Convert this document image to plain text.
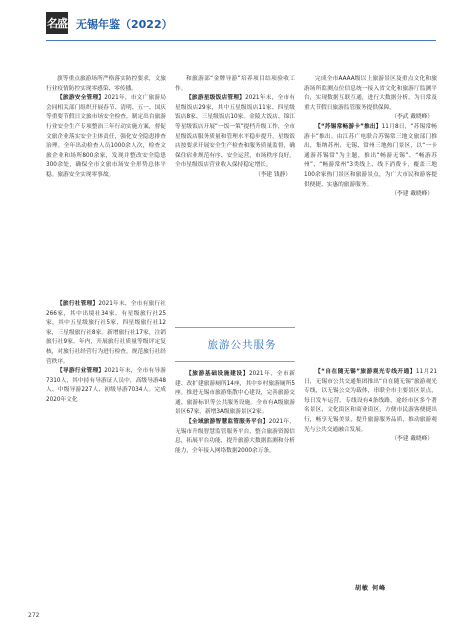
名盛 无锡年鉴（2022）

旗等重点旅游场所严格落实防控要求，文旅行业疫情防控实现零感染、零传播。

【旅游安全管理】2021年，市文广旅游局会同相关部门组织开展春节、清明、五一、国庆等重要节假日文旅市场安全检查，制定出台旅游行业安全生产专项整治三年行动实施方案，督促文旅企业落实安全主体责任，强化安全隐患排查治理。全年出动检查人员1000余人次，检查文旅企业和场所800余家，发现并整改安全隐患300余处，确保全市文旅市场安全形势总体平稳。旅游安全实现零事故。

【旅行社管理】2021年末，全市有旅行社266家，其中出境社34家。有星级旅行社25家，其中五星级旅行社5家，四星级旅行社12家，三星级旅行社8家。新增旅行社17家，注销旅行社9家。年内，开展旅行社质量等级评定复核，对旅行社经营行为进行检查，规范旅行社经营秩序。

【导游行业管理】2021年末，全市有导游7310人，其中持有导游证人员中，高级导游48人、中级导游227人、初级导游7034人。完成2020年文化

和旅游部“金牌导游”培养项目结项验收工作。

【旅游星级饭店管理】2021年末，全市有星级饭店29家，其中五星级饭店11家、四星级饭店8家、三星级饭店10家。金陵大饭店、锦江等星级饭店开展“一饭一策”提档升级工作，全市星级饭店服务质量和管理水平稳步提升，星级饭店按要求开展安全生产检查和服务质量监督，确保住宿业规范有序、安全运营，市场秩序良好。全市星级饭店营业收入保持稳定增长。

（李建 钱静）

旅游公共服务

【旅游基础设施建设】2021年，全市新建、改扩建旅游厕所14座，其中乡村旅游厕所5座。推进无锡市旅游集散中心建设，完善旅游交通、旅游标识等公共服务设施。全市有A级旅游景区67家，新增3A级旅游景区2家。

【全域旅游智慧监管服务平台】2021年，无锡市升级智慧监管服务平台，整合旅游资源信息，拓展平台功能，提升旅游大数据监测和分析能力，全年接入网络数据2000余万条。

完成全市AAAA级以上旅游景区及重点文化和旅游场所监测点位信息统一接入省文化和旅游厅监测平台，实现数据互联互通，进行大数据分析，为日常及重大节假日旅游监管服务提供保障。

（李武 戴晓峰）

【“苏锡常畅游卡”推出】11月8日，“苏锡常畅游卡”推出。由江苏广电联合苏锡常三地文旅部门推出，集纳苏州、无锡、常州三地热门景区，以“一卡通游苏锡常”为主题，推出“畅游无锡”、“畅游苏州”、“畅游常州”3类线上、线下消费卡，覆盖三地100余家热门景区和旅游景点，为广大市民和游客提供便捷、实惠的旅游服务。

（李建 戴晓峰）

【“自在随无锡”旅游观光专线开通】11月21日，无锡市公共交通集团推出“自在随无锡”旅游观光专线，以无锡公交为载体，串联全市主要景区景点，每日发车运营。专线设有4条线路，途经市区多个著名景区、文化街区和商业街区，方便市民游客便捷出行，畅享无锡美景，提升旅游服务品质，推动旅游观光与公共交通融合发展。

（李建 戴晓峰）

胡敏 何峰
272
